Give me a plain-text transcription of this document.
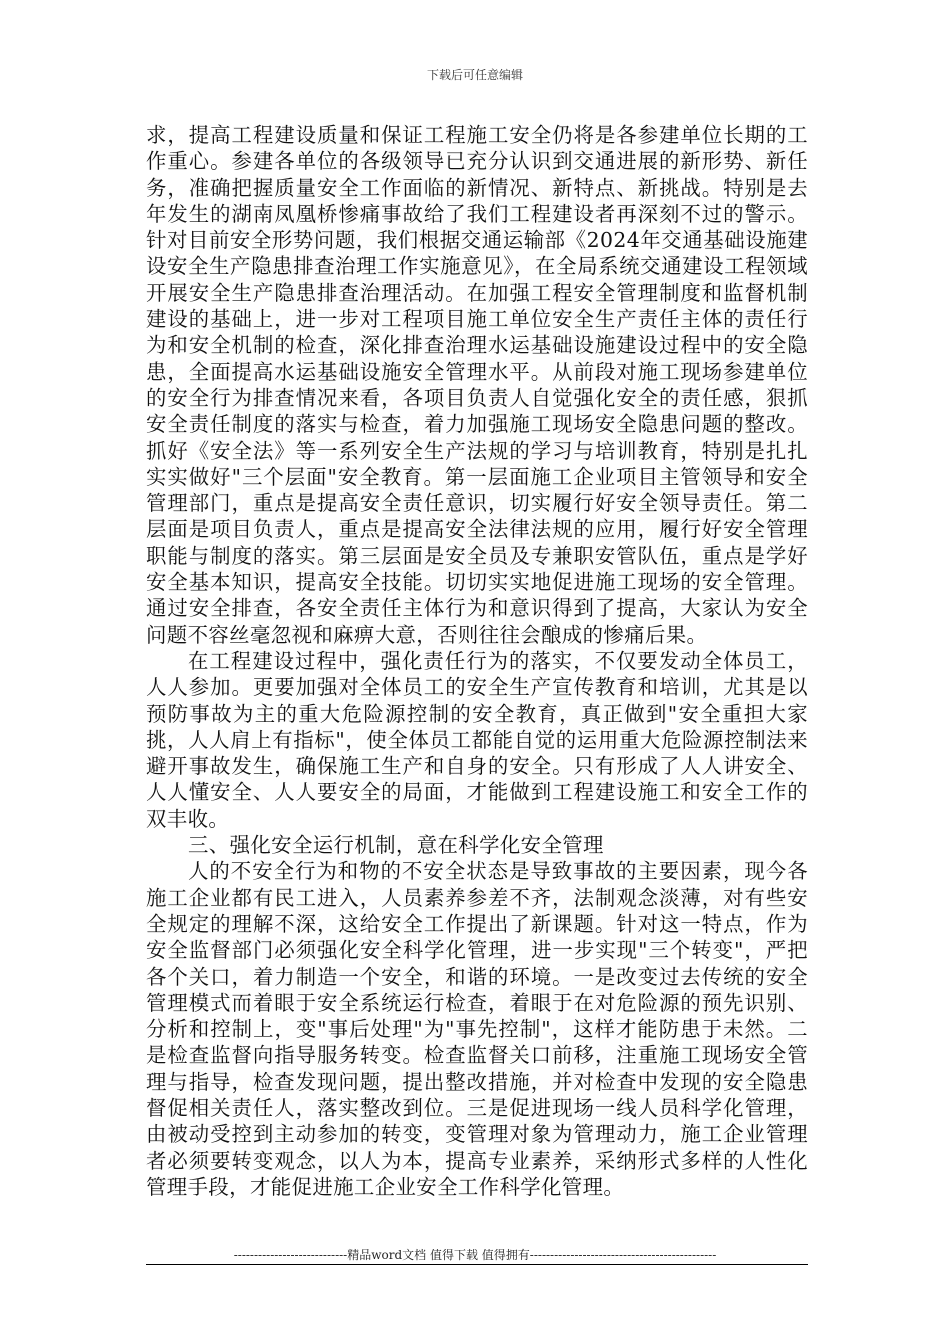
下载后可任意编辑

求，提高工程建设质量和保证工程施工安全仍将是各参建单位长期的工作重心。参建各单位的各级领导已充分认识到交通进展的新形势、新任务，准确把握质量安全工作面临的新情况、新特点、新挑战。特别是去年发生的湖南凤凰桥惨痛事故给了我们工程建设者再深刻不过的警示。针对目前安全形势问题，我们根据交通运输部《2024年交通基础设施建设安全生产隐患排查治理工作实施意见》，在全局系统交通建设工程领域开展安全生产隐患排查治理活动。在加强工程安全管理制度和监督机制建设的基础上，进一步对工程项目施工单位安全生产责任主体的责任行为和安全机制的检查，深化排查治理水运基础设施建设过程中的安全隐患，全面提高水运基础设施安全管理水平。从前段对施工现场参建单位的安全行为排查情况来看，各项目负责人自觉强化安全的责任感，狠抓安全责任制度的落实与检查，着力加强施工现场安全隐患问题的整改。抓好《安全法》等一系列安全生产法规的学习与培训教育，特别是扎扎实实做好"三个层面"安全教育。第一层面施工企业项目主管领导和安全管理部门，重点是提高安全责任意识，切实履行好安全领导责任。第二层面是项目负责人，重点是提高安全法律法规的应用，履行好安全管理职能与制度的落实。第三层面是安全员及专兼职安管队伍，重点是学好安全基本知识，提高安全技能。切切实实地促进施工现场的安全管理。通过安全排查，各安全责任主体行为和意识得到了提高，大家认为安全问题不容丝毫忽视和麻痹大意，否则往往会酿成的惨痛后果。

在工程建设过程中，强化责任行为的落实，不仅要发动全体员工，人人参加。更要加强对全体员工的安全生产宣传教育和培训，尤其是以预防事故为主的重大危险源控制的安全教育，真正做到"安全重担大家挑，人人肩上有指标"，使全体员工都能自觉的运用重大危险源控制法来避开事故发生，确保施工生产和自身的安全。只有形成了人人讲安全、人人懂安全、人人要安全的局面，才能做到工程建设施工和安全工作的双丰收。

三、强化安全运行机制，意在科学化安全管理

人的不安全行为和物的不安全状态是导致事故的主要因素，现今各施工企业都有民工进入，人员素养参差不齐，法制观念淡薄，对有些安全规定的理解不深，这给安全工作提出了新课题。针对这一特点，作为安全监督部门必须强化安全科学化管理，进一步实现"三个转变"，严把各个关口，着力制造一个安全，和谐的环境。一是改变过去传统的安全管理模式而着眼于安全系统运行检查，着眼于在对危险源的预先识别、分析和控制上，变"事后处理"为"事先控制"，这样才能防患于未然。二是检查监督向指导服务转变。检查监督关口前移，注重施工现场安全管理与指导，检查发现问题，提出整改措施，并对检查中发现的安全隐患督促相关责任人，落实整改到位。三是促进现场一线人员科学化管理，由被动受控到主动参加的转变，变管理对象为管理动力，施工企业管理者必须要转变观念，以人为本，提高专业素养，采纳形式多样的人性化管理手段，才能促进施工企业安全工作科学化管理。

----------------------------精品word文档 值得下载 值得拥有----------------------------------------------
